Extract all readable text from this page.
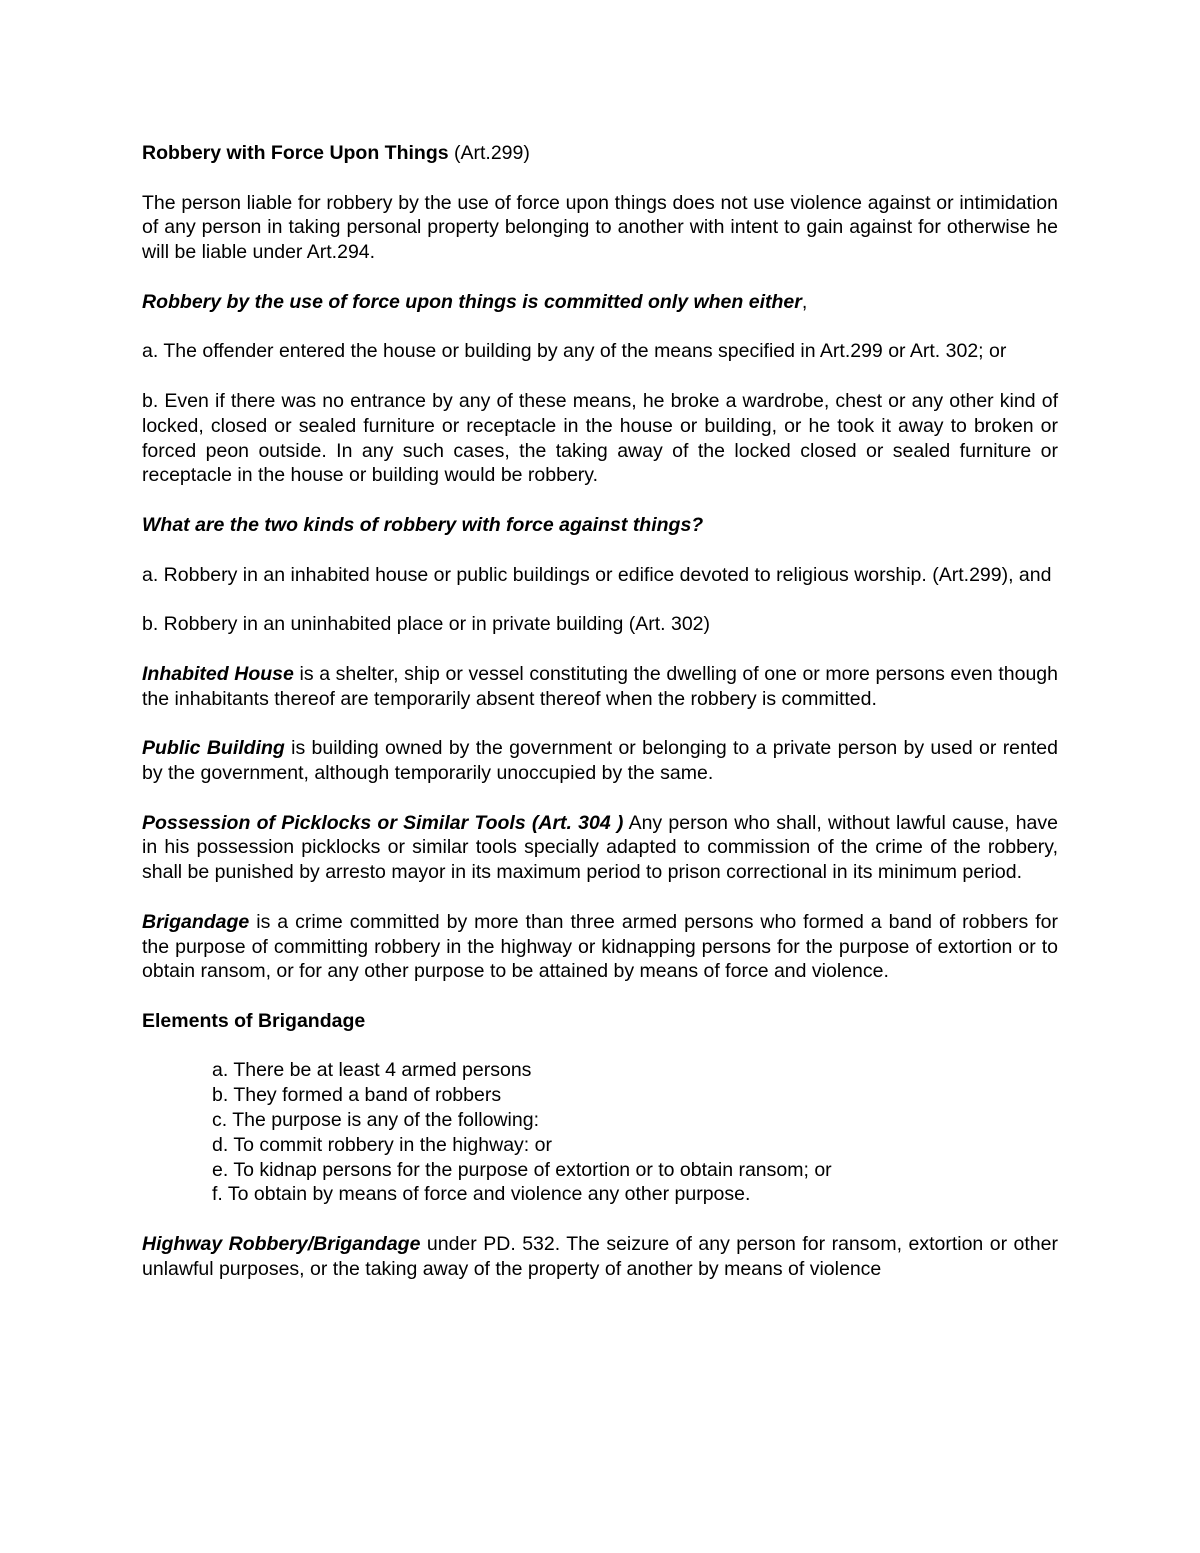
Robbery with Force Upon Things (Art.299)

The person liable for robbery by the use of force upon things does not use violence against or intimidation of any person in taking personal property belonging to another with intent to gain against for otherwise he will be liable under Art.294.

Robbery by the use of force upon things is committed only when either,

a. The offender entered the house or building by any of the means specified in Art.299 or Art. 302; or

b. Even if there was no entrance by any of these means, he broke a wardrobe, chest or any other kind of locked, closed or sealed furniture or receptacle in the house or building, or he took it away to broken or forced peon outside. In any such cases, the taking away of the locked closed or sealed furniture or receptacle in the house or building would be robbery.

What are the two kinds of robbery with force against things?

a. Robbery in an inhabited house or public buildings or edifice devoted to religious worship. (Art.299), and

b. Robbery in an uninhabited place or in private building (Art. 302)

Inhabited House is a shelter, ship or vessel constituting the dwelling of one or more persons even though the inhabitants thereof are temporarily absent thereof when the robbery is committed.

Public Building is building owned by the government or belonging to a private person by used or rented by the government, although temporarily unoccupied by the same.

Possession of Picklocks or Similar Tools (Art. 304 ) Any person who shall, without lawful cause, have in his possession picklocks or similar tools specially adapted to commission of the crime of the robbery, shall be punished by arresto mayor in its maximum period to prison correctional in its minimum period.

Brigandage is a crime committed by more than three armed persons who formed a band of robbers for the purpose of committing robbery in the highway or kidnapping persons for the purpose of extortion or to obtain ransom, or for any other purpose to be attained by means of force and violence.

Elements of Brigandage

a. There be at least 4 armed persons
b. They formed a band of robbers
c. The purpose is any of the following:
d. To commit robbery in the highway: or
e. To kidnap persons for the purpose of extortion or to obtain ransom; or
f. To obtain by means of force and violence any other purpose.

Highway Robbery/Brigandage under PD. 532. The seizure of any person for ransom, extortion or other unlawful purposes, or the taking away of the property of another by means of violence
